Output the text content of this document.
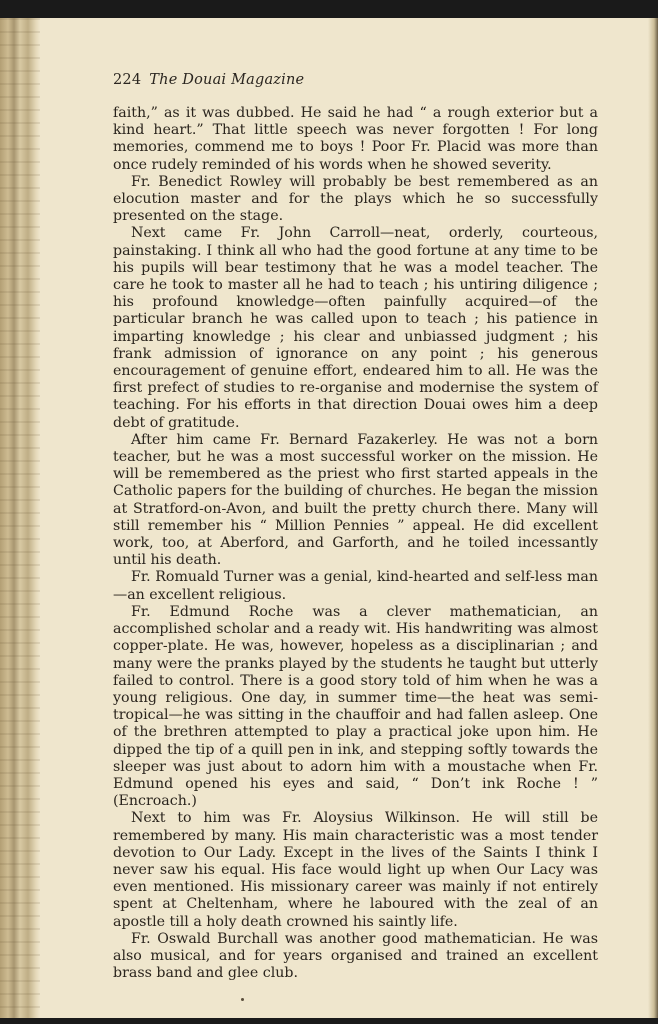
224 The Douai Magazine

faith,” as it was dubbed. He said he had “ a rough exterior but a kind heart.” That little speech was never forgotten ! For long memories, commend me to boys ! Poor Fr. Placid was more than once rudely reminded of his words when he showed severity.

Fr. Benedict Rowley will probably be best remembered as an elocution master and for the plays which he so successfully presented on the stage.

Next came Fr. John Carroll—neat, orderly, courteous, painstaking. I think all who had the good fortune at any time to be his pupils will bear testimony that he was a model teacher. The care he took to master all he had to teach ; his untiring diligence ; his profound knowledge—often painfully acquired—of the particular branch he was called upon to teach ; his patience in imparting knowledge ; his clear and unbiassed judgment ; his frank admission of ignorance on any point ; his generous encouragement of genuine effort, endeared him to all. He was the first prefect of studies to re-organise and modernise the system of teaching. For his efforts in that direction Douai owes him a deep debt of gratitude.

After him came Fr. Bernard Fazakerley. He was not a born teacher, but he was a most successful worker on the mission. He will be remembered as the priest who first started appeals in the Catholic papers for the building of churches. He began the mission at Stratford-on-Avon, and built the pretty church there. Many will still remember his “ Million Pennies ” appeal. He did excellent work, too, at Aberford, and Garforth, and he toiled incessantly until his death.

Fr. Romuald Turner was a genial, kind-hearted and self-less man—an excellent religious.

Fr. Edmund Roche was a clever mathematician, an accomplished scholar and a ready wit. His handwriting was almost copper-plate. He was, however, hopeless as a disciplinarian ; and many were the pranks played by the students he taught but utterly failed to control. There is a good story told of him when he was a young religious. One day, in summer time—the heat was semi-tropical—he was sitting in the chauffoir and had fallen asleep. One of the brethren attempted to play a practical joke upon him. He dipped the tip of a quill pen in ink, and stepping softly towards the sleeper was just about to adorn him with a moustache when Fr. Edmund opened his eyes and said, “ Don’t ink Roche ! ” (Encroach.)

Next to him was Fr. Aloysius Wilkinson. He will still be remembered by many. His main characteristic was a most tender devotion to Our Lady. Except in the lives of the Saints I think I never saw his equal. His face would light up when Our Lacy was even mentioned. His missionary career was mainly if not entirely spent at Cheltenham, where he laboured with the zeal of an apostle till a holy death crowned his saintly life.

Fr. Oswald Burchall was another good mathematician. He was also musical, and for years organised and trained an excellent brass band and glee club.
